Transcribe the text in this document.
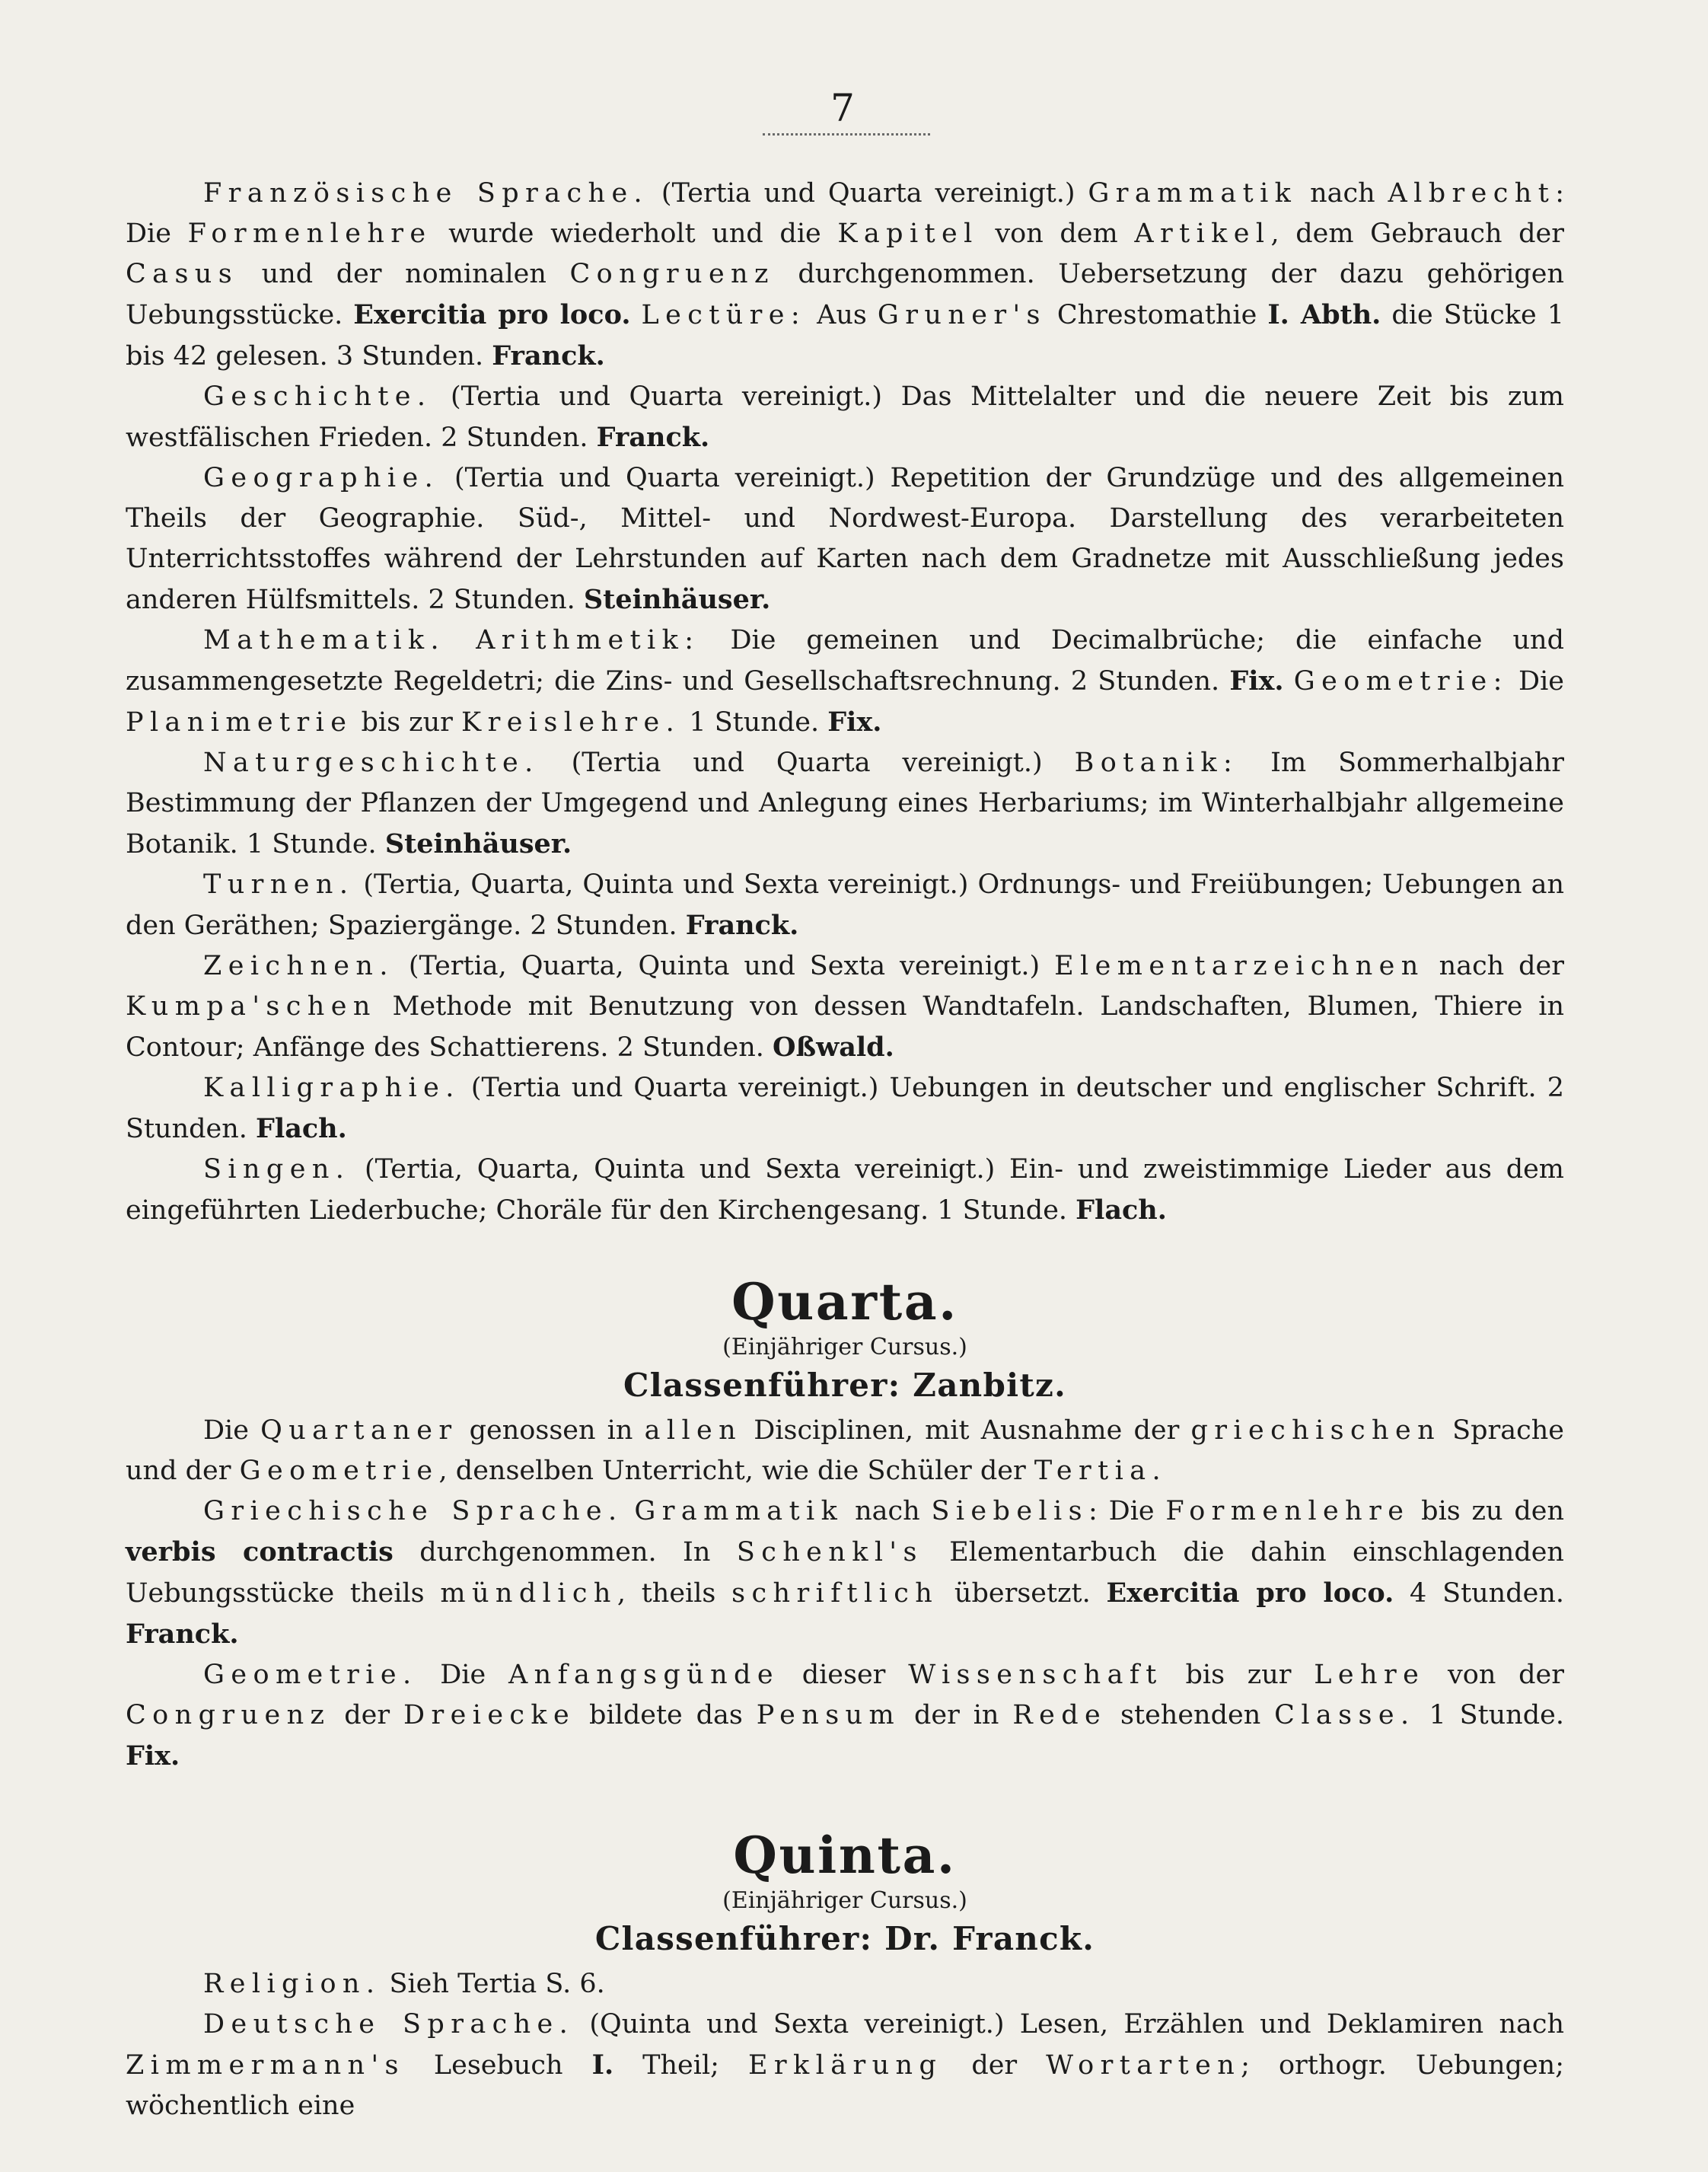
7

Französische Sprache. (Tertia und Quarta vereinigt.) Grammatik nach Albrecht: Die Formenlehre wurde wiederholt und die Kapitel von dem Artikel, dem Gebrauch der Casus und der nominalen Congruenz durchgenommen. Uebersetzung der dazu gehörigen Uebungsstücke. Exercitia pro loco. Lectüre: Aus Gruner's Chrestomathie I. Abth. die Stücke 1 bis 42 gelesen. 3 Stunden. Franck.

Geschichte. (Tertia und Quarta vereinigt.) Das Mittelalter und die neuere Zeit bis zum westfälischen Frieden. 2 Stunden. Franck.

Geographie. (Tertia und Quarta vereinigt.) Repetition der Grundzüge und des allgemeinen Theils der Geographie. Süd-, Mittel- und Nordwest-Europa. Darstellung des verarbeiteten Unterrichtsstoffes während der Lehrstunden auf Karten nach dem Gradnetze mit Ausschließung jedes anderen Hülfsmittels. 2 Stunden. Steinhäuser.

Mathematik. Arithmetik: Die gemeinen und Decimalbrüche; die einfache und zusammengesetzte Regeldetri; die Zins- und Gesellschaftsrechnung. 2 Stunden. Fix. Geometrie: Die Planimetrie bis zur Kreislehre. 1 Stunde. Fix.

Naturgeschichte. (Tertia und Quarta vereinigt.) Botanik: Im Sommerhalbjahr Bestimmung der Pflanzen der Umgegend und Anlegung eines Herbariums; im Winterhalbjahr allgemeine Botanik. 1 Stunde. Steinhäuser.

Turnen. (Tertia, Quarta, Quinta und Sexta vereinigt.) Ordnungs- und Freiübungen; Uebungen an den Geräthen; Spaziergänge. 2 Stunden. Franck.

Zeichnen. (Tertia, Quarta, Quinta und Sexta vereinigt.) Elementarzeichnen nach der Kumpa'schen Methode mit Benutzung von dessen Wandtafeln. Landschaften, Blumen, Thiere in Contour; Anfänge des Schattierens. 2 Stunden. Oßwald.

Kalligraphie. (Tertia und Quarta vereinigt.) Uebungen in deutscher und englischer Schrift. 2 Stunden. Flach.

Singen. (Tertia, Quarta, Quinta und Sexta vereinigt.) Ein- und zweistimmige Lieder aus dem eingeführten Liederbuche; Choräle für den Kirchengesang. 1 Stunde. Flach.

Quarta.

(Einjähriger Cursus.)

Classenführer: Zanbitz.

Die Quartaner genossen in allen Disciplinen, mit Ausnahme der griechischen Sprache und der Geometrie, denselben Unterricht, wie die Schüler der Tertia.

Griechische Sprache. Grammatik nach Siebelis: Die Formenlehre bis zu den verbis contractis durchgenommen. In Schenkl's Elementarbuch die dahin einschlagenden Uebungsstücke theils mündlich, theils schriftlich übersetzt. Exercitia pro loco. 4 Stunden. Franck.

Geometrie. Die Anfangsgünde dieser Wissenschaft bis zur Lehre von der Congruenz der Dreiecke bildete das Pensum der in Rede stehenden Classe. 1 Stunde. Fix.

Quinta.

(Einjähriger Cursus.)

Classenführer: Dr. Franck.

Religion. Sieh Tertia S. 6.

Deutsche Sprache. (Quinta und Sexta vereinigt.) Lesen, Erzählen und Deklamiren nach Zimmermann's Lesebuch I. Theil; Erklärung der Wortarten; orthogr. Uebungen; wöchentlich eine
